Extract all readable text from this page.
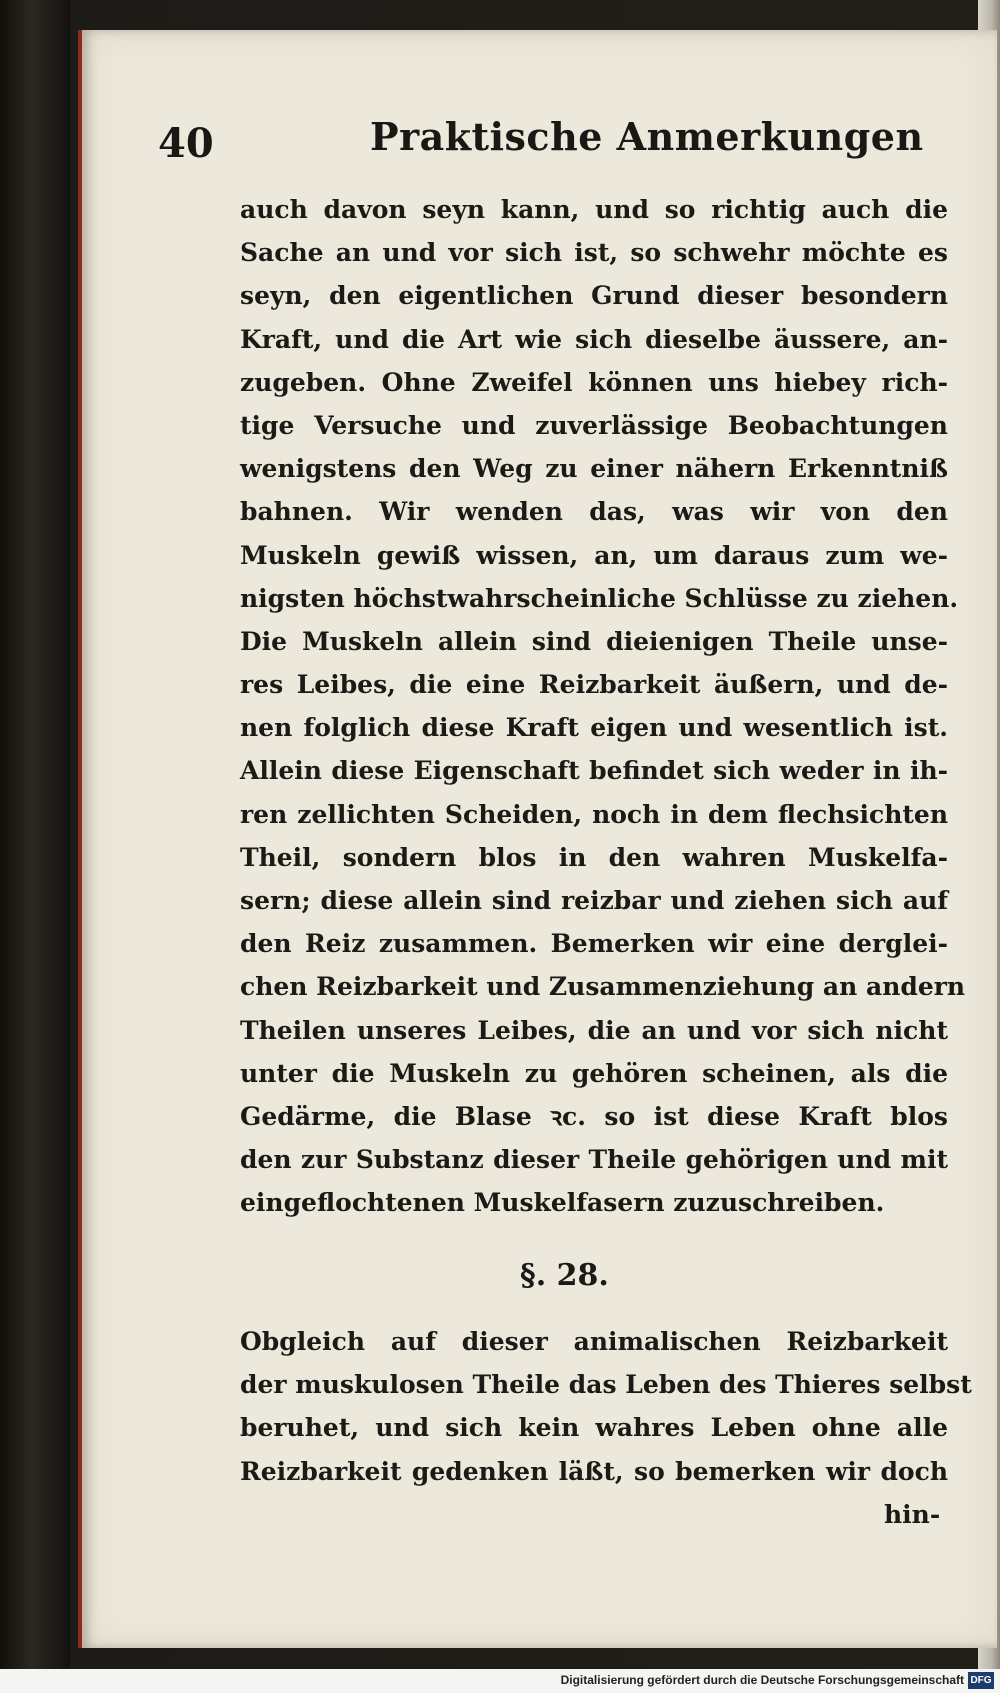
40	Praktische Anmerkungen
auch davon seyn kann, und so richtig auch die
Sache an und vor sich ist, so schwehr möchte es
seyn, den eigentlichen Grund dieser besondern
Kraft, und die Art wie sich dieselbe äussere, an-
zugeben. Ohne Zweifel können uns hiebey rich-
tige Versuche und zuverlässige Beobachtungen
wenigstens den Weg zu einer nähern Erkenntniß
bahnen. Wir wenden das, was wir von den
Muskeln gewiß wissen, an, um daraus zum we-
nigsten höchstwahrscheinliche Schlüsse zu ziehen.
Die Muskeln allein sind dieienigen Theile unse-
res Leibes, die eine Reizbarkeit äußern, und de-
nen folglich diese Kraft eigen und wesentlich ist.
Allein diese Eigenschaft befindet sich weder in ih-
ren zellichten Scheiden, noch in dem flechsichten
Theil, sondern blos in den wahren Muskelfa-
sern; diese allein sind reizbar und ziehen sich auf
den Reiz zusammen. Bemerken wir eine derglei-
chen Reizbarkeit und Zusammenziehung an andern
Theilen unseres Leibes, die an und vor sich nicht
unter die Muskeln zu gehören scheinen, als die
Gedärme, die Blase ꝛc. so ist diese Kraft blos
den zur Substanz dieser Theile gehörigen und mit
eingeflochtenen Muskelfasern zuzuschreiben.
§. 28.
Obgleich auf dieser animalischen Reizbarkeit
der muskulosen Theile das Leben des Thieres selbst
beruhet, und sich kein wahres Leben ohne alle
Reizbarkeit gedenken läßt, so bemerken wir doch
hin-
Digitalisierung gefördert durch die Deutsche Forschungsgemeinschaft DFG
